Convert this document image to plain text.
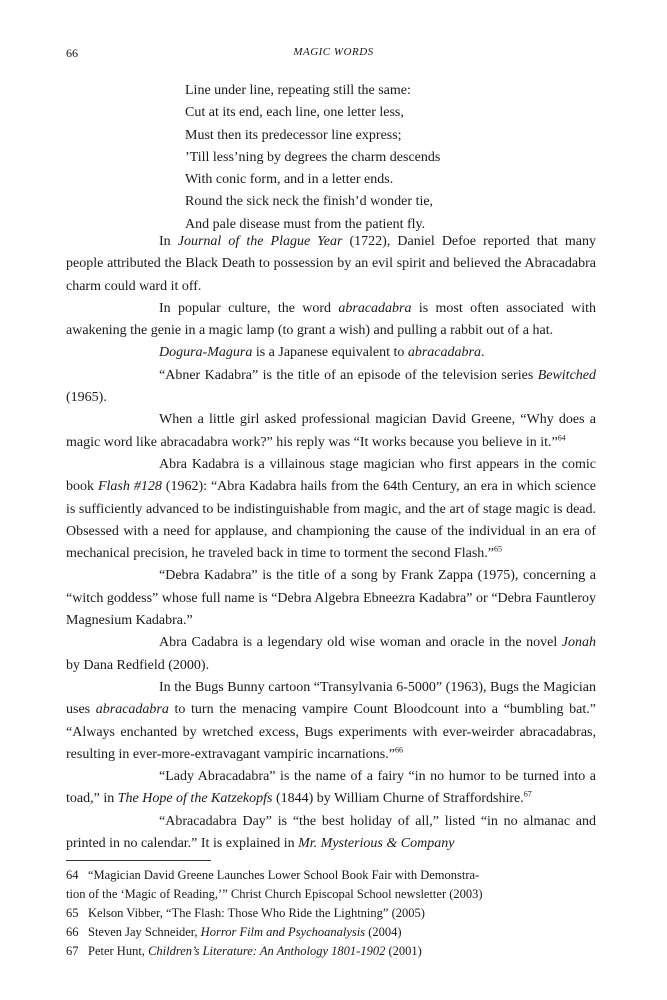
66	MAGIC WORDS
Line under line, repeating still the same:
Cut at its end, each line, one letter less,
Must then its predecessor line express;
’Till less’ning by degrees the charm descends
With conic form, and in a letter ends.
Round the sick neck the finish’d wonder tie,
And pale disease must from the patient fly.

In Journal of the Plague Year (1722), Daniel Defoe reported that many people attributed the Black Death to possession by an evil spirit and believed the Abracadabra charm could ward it off.

In popular culture, the word abracadabra is most often associated with awakening the genie in a magic lamp (to grant a wish) and pulling a rabbit out of a hat.

Dogura-Magura is a Japanese equivalent to abracadabra.

“Abner Kadabra” is the title of an episode of the television series Bewitched (1965).

When a little girl asked professional magician David Greene, “Why does a magic word like abracadabra work?” his reply was “It works because you believe in it.”$^{64}$

Abra Kadabra is a villainous stage magician who first appears in the comic book Flash #128 (1962): “Abra Kadabra hails from the 64th Century, an era in which science is sufficiently advanced to be indistinguishable from magic, and the art of stage magic is dead. Obsessed with a need for applause, and championing the cause of the individual in an era of mechanical precision, he traveled back in time to torment the second Flash.”$^{65}$

“Debra Kadabra” is the title of a song by Frank Zappa (1975), concerning a “witch goddess” whose full name is “Debra Algebra Ebneezra Kadabra” or “Debra Fauntleroy Magnesium Kadabra.”

Abra Cadabra is a legendary old wise woman and oracle in the novel Jonah by Dana Redfield (2000).

In the Bugs Bunny cartoon “Transylvania 6-5000” (1963), Bugs the Magician uses abracadabra to turn the menacing vampire Count Bloodcount into a “bumbling bat.” “Always enchanted by wretched excess, Bugs experiments with ever-weirder abracadabras, resulting in ever-more-extravagant vampiric incarnations.”$^{66}$

“Lady Abracadabra” is the name of a fairy “in no humor to be turned into a toad,” in The Hope of the Katzekopfs (1844) by William Churne of Straffordshire.$^{67}$

“Abracadabra Day” is “the best holiday of all,” listed “in no almanac and printed in no calendar.” It is explained in Mr. Mysterious & Company

64 “Magician David Greene Launches Lower School Book Fair with Demonstra-
tion of the ‘Magic of Reading,’” Christ Church Episcopal School newsletter (2003)
65 Kelson Vibber, “The Flash: Those Who Ride the Lightning” (2005)
66 Steven Jay Schneider, Horror Film and Psychoanalysis (2004)
67 Peter Hunt, Children’s Literature: An Anthology 1801-1902 (2001)
